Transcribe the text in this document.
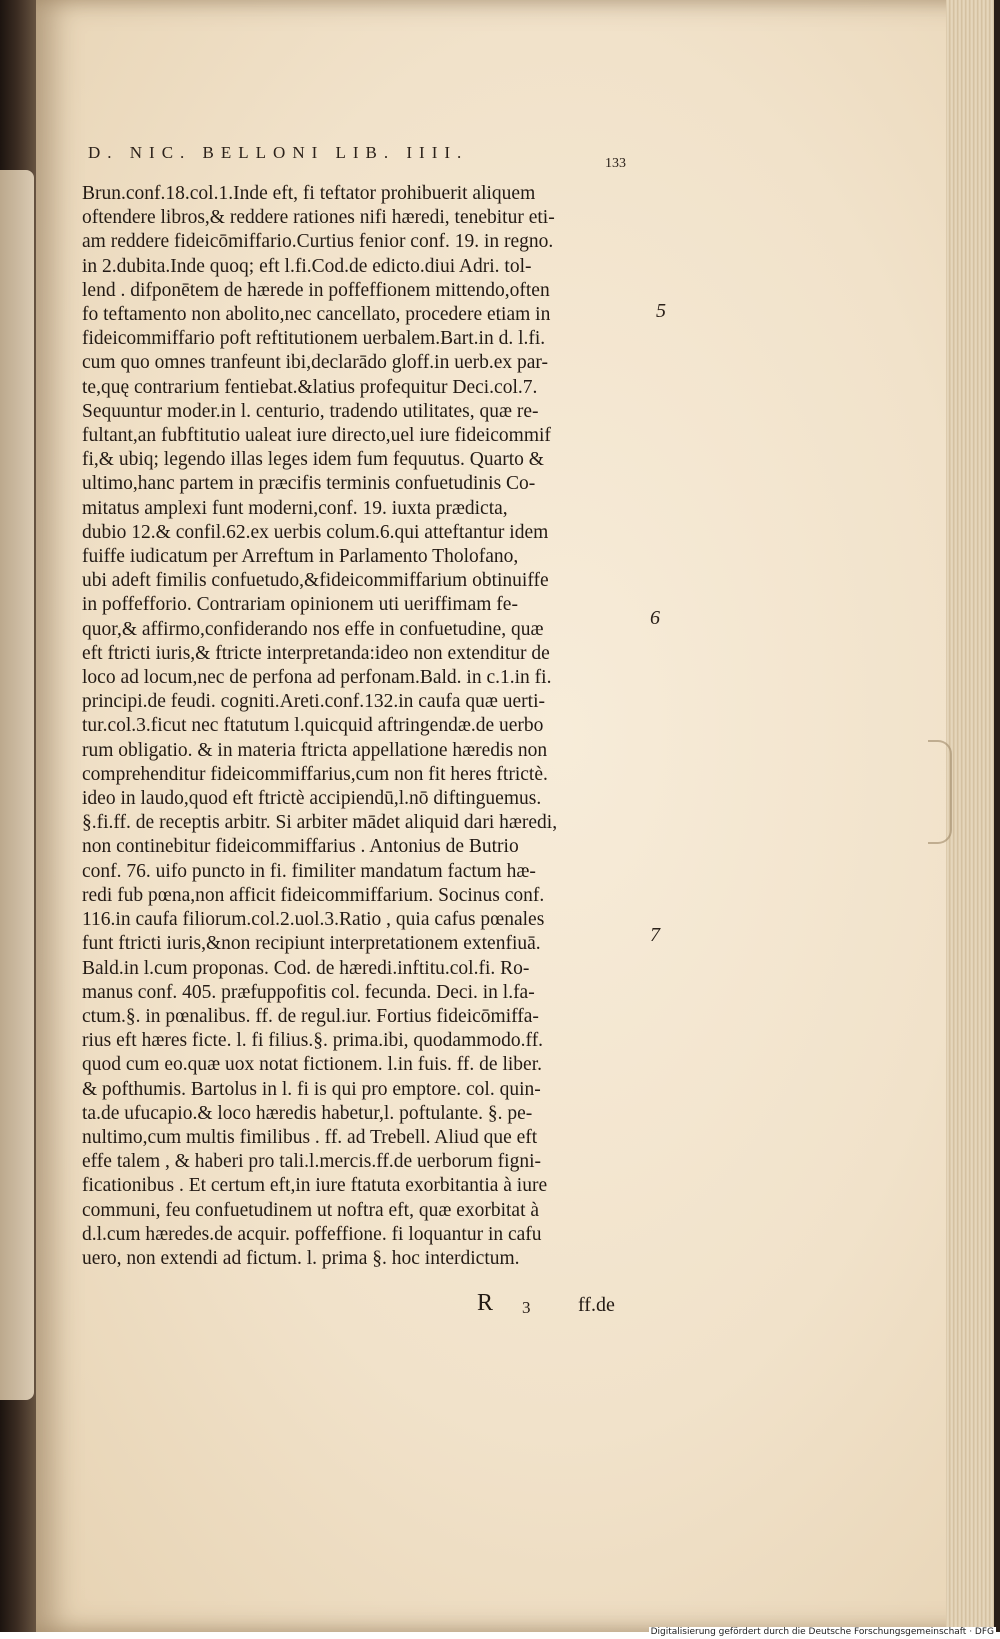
D. NIC. BELLONI LIB. IIII.
133
Brun.conf.18.col.1.Inde eft, fi teftator prohibuerit aliquem
oftendere libros,& reddere rationes nifi hæredi, tenebitur eti-
am reddere fideicōmiffario.Curtius fenior conf. 19. in regno.
in 2.dubita.Inde quoq; eft l.fi.Cod.de edicto.diui Adri. tol-
lend . difponētem de hærede in poffeffionem mittendo,often
fo teftamento non abolito,nec cancellato, procedere etiam in
fideicommiffario poft reftitutionem uerbalem.Bart.in d. l.fi.
cum quo omnes tranfeunt ibi,declarādo gloff.in uerb.ex par-
te,quę contrarium fentiebat.&latius profequitur Deci.col.7.
Sequuntur moder.in l. centurio, tradendo utilitates, quæ re-
fultant,an fubftitutio ualeat iure directo,uel iure fideicommif
fi,& ubiq; legendo illas leges idem fum fequutus. Quarto &
ultimo,hanc partem in præcifis terminis confuetudinis Co-
mitatus amplexi funt moderni,conf. 19. iuxta prædicta,
dubio 12.& confil.62.ex uerbis colum.6.qui atteftantur idem
fuiffe iudicatum per Arreftum in Parlamento Tholofano,
ubi adeft fimilis confuetudo,&fideicommiffarium obtinuiffe
in poffefforio. Contrariam opinionem uti ueriffimam fe-
quor,& affirmo,confiderando nos effe in confuetudine, quæ
eft ftricti iuris,& ftricte interpretanda:ideo non extenditur de
loco ad locum,nec de perfona ad perfonam.Bald. in c.1.in fi.
principi.de feudi. cogniti.Areti.conf.132.in caufa quæ uerti-
tur.col.3.ficut nec ftatutum l.quicquid aftringendæ.de uerbo
rum obligatio. & in materia ftricta appellatione hæredis non
comprehenditur fideicommiffarius,cum non fit heres ftrictè.
ideo in laudo,quod eft ftrictè accipiendū,l.nō diftinguemus.
§.fi.ff. de receptis arbitr. Si arbiter mādet aliquid dari hæredi,
non continebitur fideicommiffarius . Antonius de Butrio
conf. 76. uifo puncto in fi. fimiliter mandatum factum hæ-
redi fub pœna,non afficit fideicommiffarium. Socinus conf.
116.in caufa filiorum.col.2.uol.3.Ratio , quia cafus pœnales
funt ftricti iuris,&non recipiunt interpretationem extenfiuā.
Bald.in l.cum proponas. Cod. de hæredi.inftitu.col.fi. Ro-
manus conf. 405. præfuppofitis col. fecunda. Deci. in l.fa-
ctum.§. in pœnalibus. ff. de regul.iur. Fortius fideicōmiffa-
rius eft hæres ficte. l. fi filius.§. prima.ibi, quodammodo.ff.
quod cum eo.quæ uox notat fictionem. l.in fuis. ff. de liber.
& pofthumis. Bartolus in l. fi is qui pro emptore. col. quin-
ta.de ufucapio.& loco hæredis habetur,l. poftulante. §. pe-
nultimo,cum multis fimilibus . ff. ad Trebell. Aliud que eft
effe talem , & haberi pro tali.l.mercis.ff.de uerborum figni-
ficationibus . Et certum eft,in iure ftatuta exorbitantia à iure
communi, feu confuetudinem ut noftra eft, quæ exorbitat à
d.l.cum hæredes.de acquir. poffeffione. fi loquantur in cafu
uero, non extendi ad fictum. l. prima §. hoc interdictum.
5
6
7
R 3 ff.de
Digitalisierung gefördert durch die Deutsche Forschungsgemeinschaft · DFG
